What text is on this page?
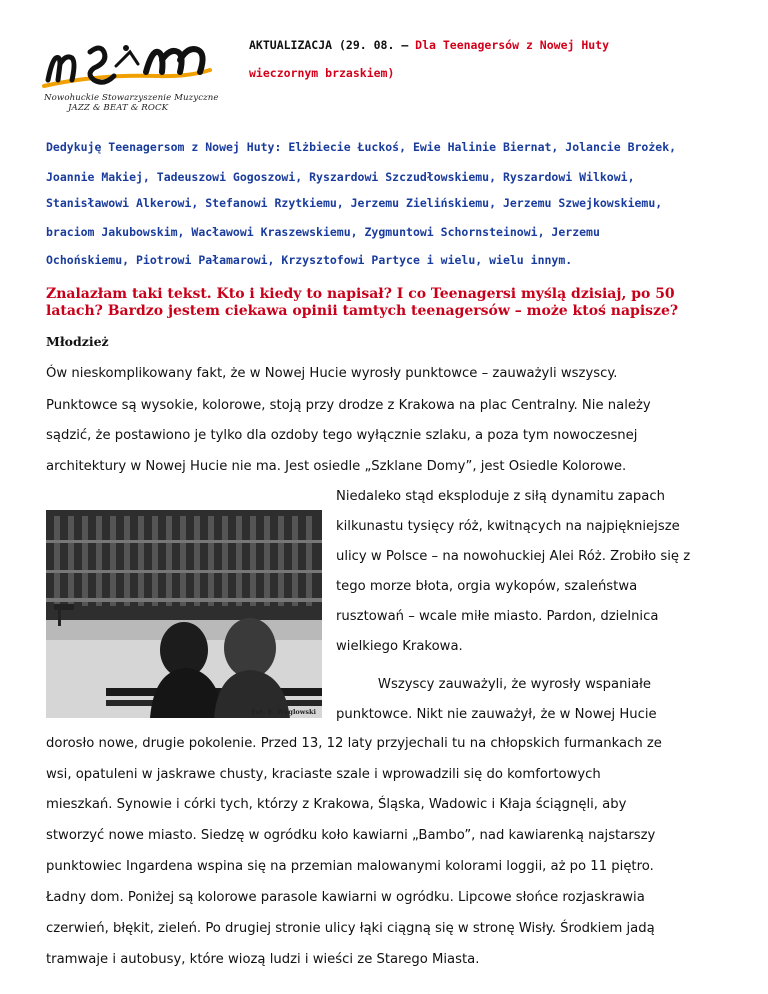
Nowohuckie Stowarzyszenie Muzyczne
JAZZ & BEAT & ROCK
AKTUALIZACJA (29. 08. – Dla Teenagersów z Nowej Huty
wieczornym brzaskiem)
Dedykuję Teenagersom z Nowej Huty: Elżbiecie Łuckoś, Ewie Halinie Biernat, Jolancie Brożek,
Joannie Makiej, Tadeuszowi Gogoszowi, Ryszardowi Szczudłowskiemu, Ryszardowi Wilkowi,
Stanisławowi Alkerowi, Stefanowi Rzytkiemu, Jerzemu Zielińskiemu, Jerzemu Szwejkowskiemu,
braciom Jakubowskim, Wacławowi Kraszewskiemu, Zygmuntowi Schornsteinowi, Jerzemu
Ochońskiemu, Piotrowi Pałamarowi, Krzysztofowi Partyce i wielu, wielu innym.
Znalazłam taki tekst. Kto i kiedy to napisał? I co Teenagersi myślą dzisiaj, po 50 latach? Bardzo jestem ciekawa opinii tamtych teenagersów – może ktoś napisze?
Młodzież
Ów nieskomplikowany fakt, że w Nowej Hucie wyrosły punktowce – zauważyli wszyscy.
Punktowce są wysokie, kolorowe, stoją przy drodze z Krakowa na plac Centralny. Nie należy
sądzić, że postawiono je tylko dla ozdoby tego wyłącznie szlaku, a poza tym nowoczesnej
architektury w Nowej Hucie nie ma. Jest osiedle „Szklane Domy”, jest Osiedle Kolorowe.
Fot. E. Węglowski
Niedaleko stąd eksploduje z siłą dynamitu zapach
kilkunastu tysięcy róż, kwitnących na najpiękniejsze
ulicy w Polsce – na nowohuckiej Alei Róż. Zrobiło się z
tego morze błota, orgia wykopów, szaleństwa
rusztowań – wcale miłe miasto. Pardon, dzielnica
wielkiego Krakowa.
Wszyscy zauważyli, że wyrosły wspaniałe
punktowce. Nikt nie zauważył, że w Nowej Hucie
dorosło nowe, drugie pokolenie. Przed 13, 12 laty przyjechali tu na chłopskich furmankach ze
wsi, opatuleni w jaskrawe chusty, kraciaste szale i wprowadzili się do komfortowych
mieszkań. Synowie i córki tych, którzy z Krakowa, Śląska, Wadowic i Kłaja ściągnęli, aby
stworzyć nowe miasto. Siedzę w ogródku koło kawiarni „Bambo”, nad kawiarenką najstarszy
punktowiec Ingardena wspina się na przemian malowanymi kolorami loggii, aż po 11 piętro.
Ładny dom. Poniżej są kolorowe parasole kawiarni w ogródku. Lipcowe słońce rozjaskrawia
czerwień, błękit, zieleń. Po drugiej stronie ulicy łąki ciągną się w stronę Wisły. Środkiem jadą
tramwaje i autobusy, które wiozą ludzi i wieści ze Starego Miasta.
